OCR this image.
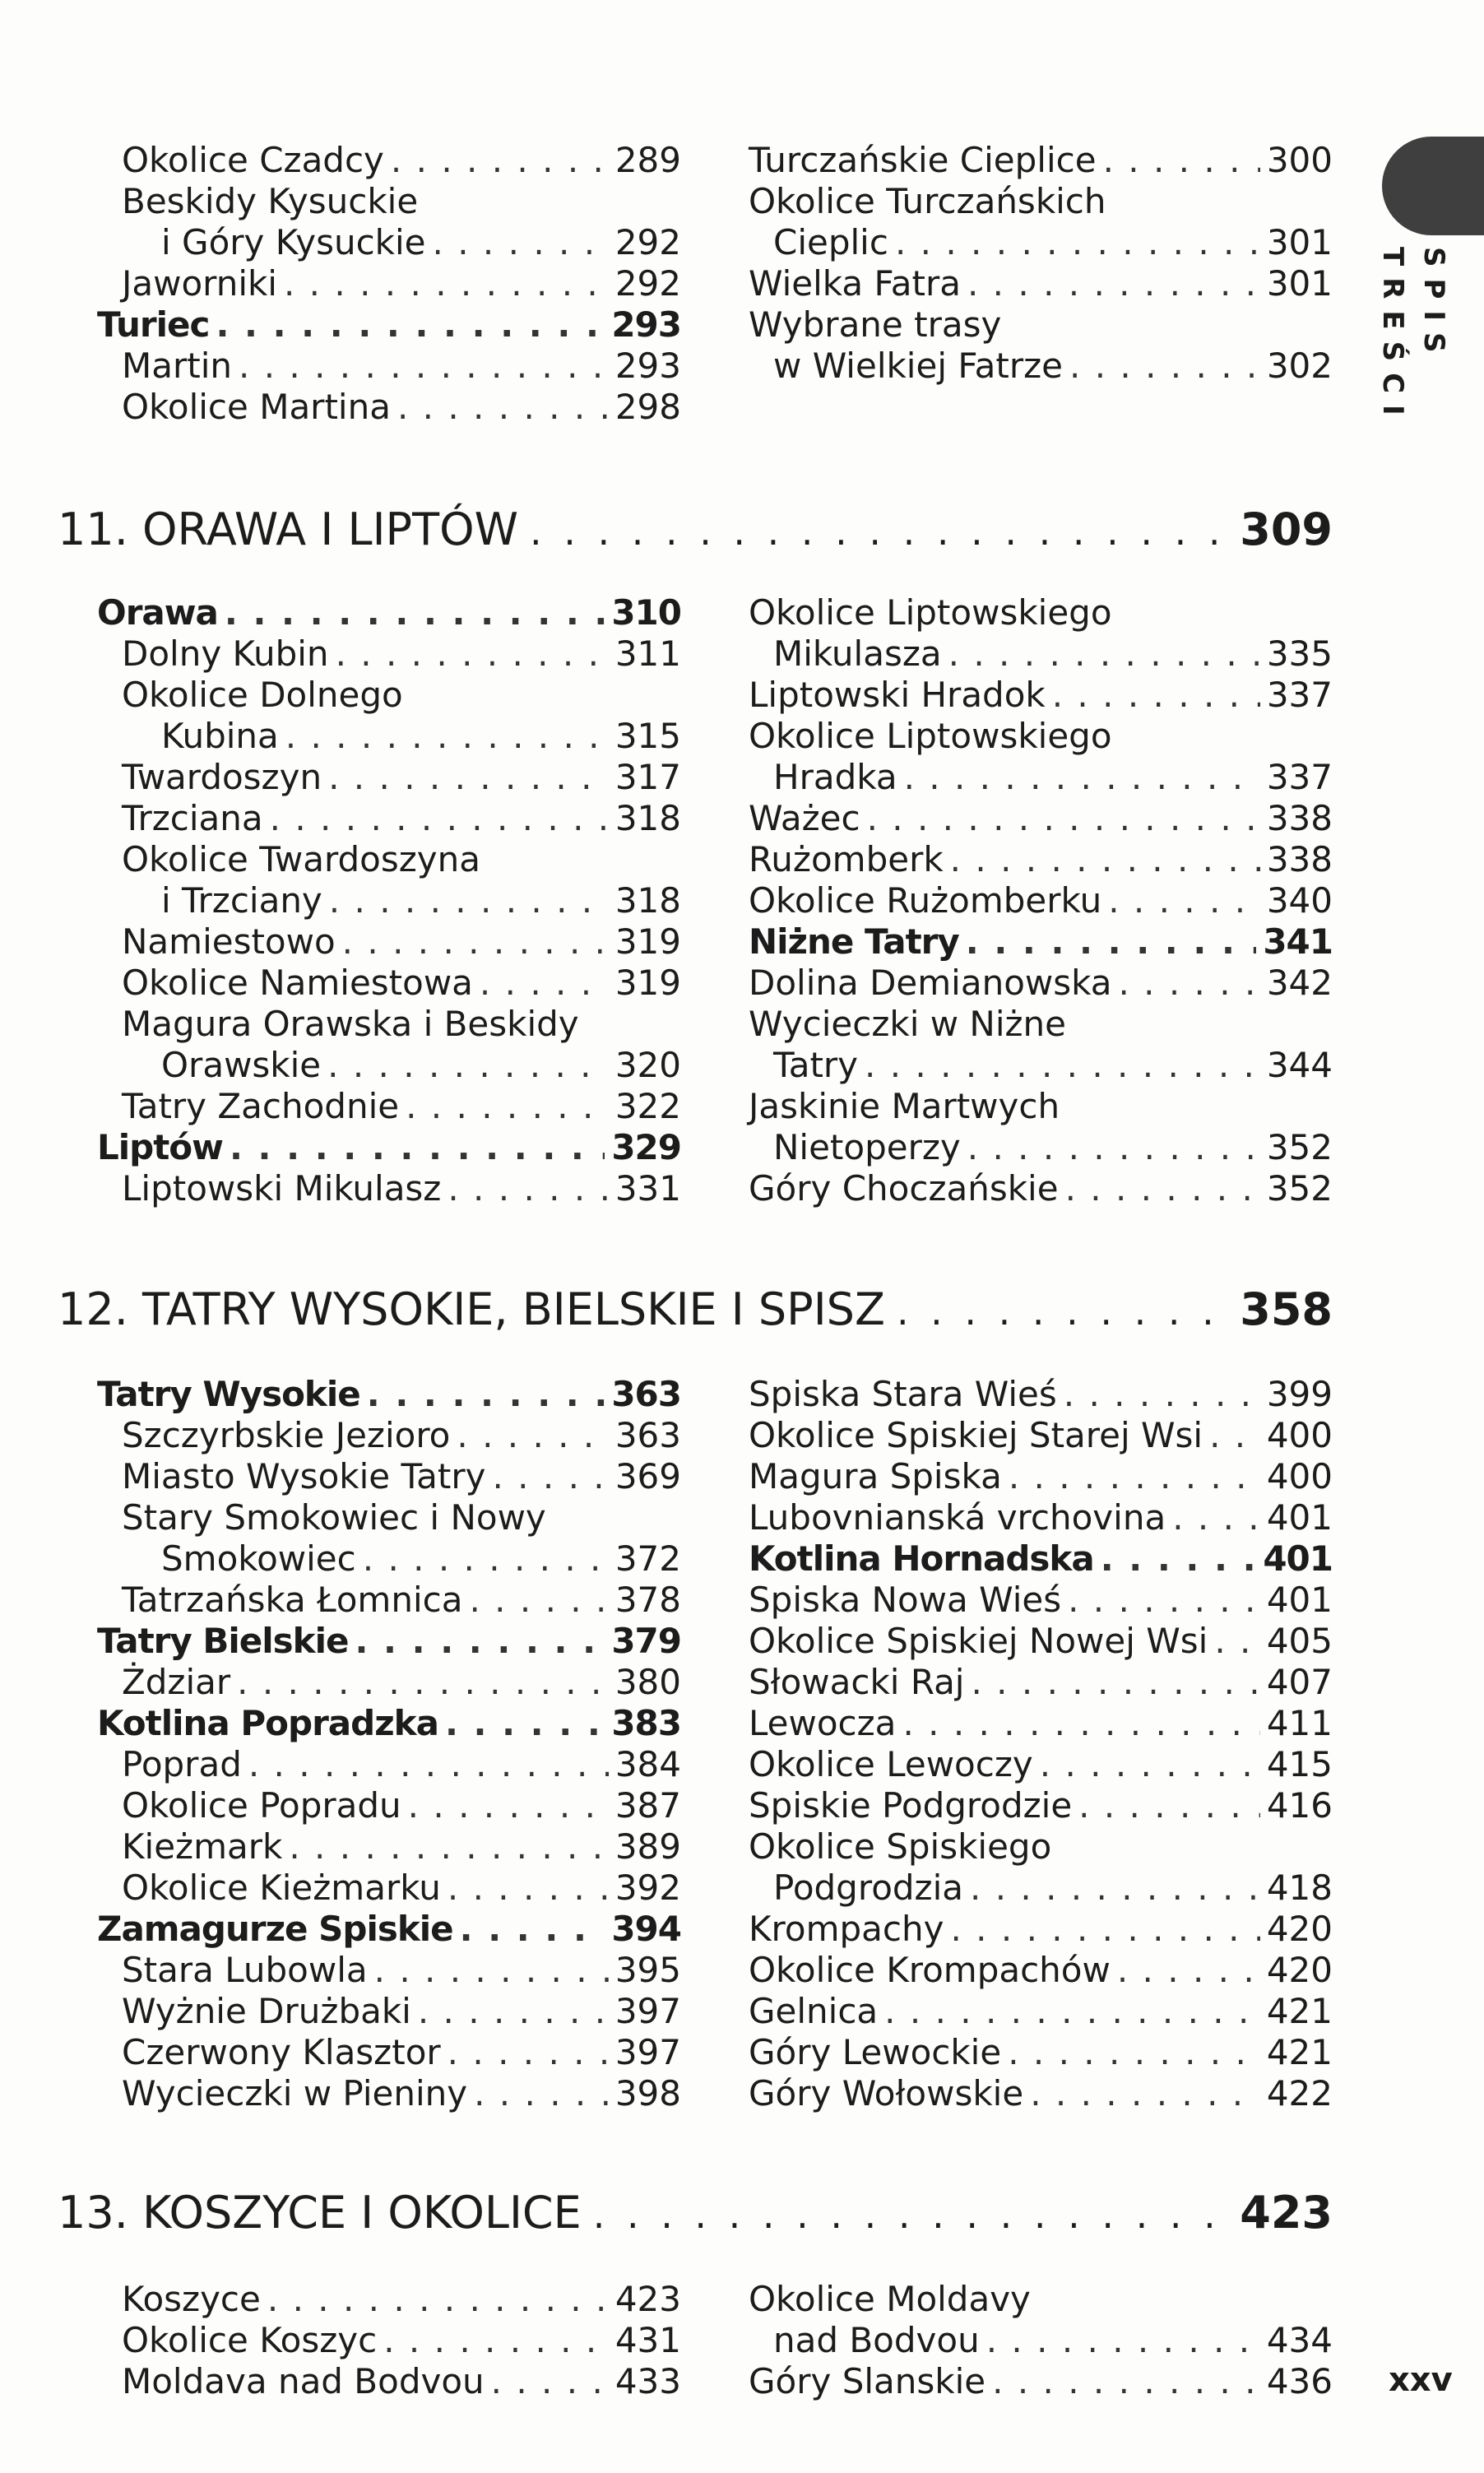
SPIS TREŚCI
Okolice Czadcy . . .	289
Beskidy Kysuckie
i Góry Kysuckie . . .	292
Jaworniki . . .	292
Turiec . . .	293
Martin . . .	293
Okolice Martina . . .	298
Turczańskie Cieplice . . .	300
Okolice Turczańskich
Cieplic . . .	301
Wielka Fatra . . .	301
Wybrane trasy
w Wielkiej Fatrze . . .	302
11. ORAWA I LIPTÓW . . .	309
Orawa . . .	310
Dolny Kubin . . .	311
Okolice Dolnego
Kubina . . .	315
Twardoszyn . . .	317
Trzciana . . .	318
Okolice Twardoszyna
i Trzciany . . .	318
Namiestowo . . .	319
Okolice Namiestowa . . .	319
Magura Orawska i Beskidy
Orawskie . . .	320
Tatry Zachodnie . . .	322
Liptów . . .	329
Liptowski Mikulasz . . .	331
Okolice Liptowskiego
Mikulasza . . .	335
Liptowski Hradok . . .	337
Okolice Liptowskiego
Hradka . . .	337
Ważec . . .	338
Rużomberk . . .	338
Okolice Rużomberku . . .	340
Niżne Tatry . . .	341
Dolina Demianowska . . .	342
Wycieczki w Niżne
Tatry . . .	344
Jaskinie Martwych
Nietoperzy . . .	352
Góry Choczańskie . . .	352
12. TATRY WYSOKIE, BIELSKIE I SPISZ . . .	358
Tatry Wysokie . . .	363
Szczyrbskie Jezioro . . .	363
Miasto Wysokie Tatry . . .	369
Stary Smokowiec i Nowy
Smokowiec . . .	372
Tatrzańska Łomnica . . .	378
Tatry Bielskie . . .	379
Żdziar . . .	380
Kotlina Popradzka . . .	383
Poprad . . .	384
Okolice Popradu . . .	387
Kieżmark . . .	389
Okolice Kieżmarku . . .	392
Zamagurze Spiskie . . .	394
Stara Lubowla . . .	395
Wyżnie Drużbaki . . .	397
Czerwony Klasztor . . .	397
Wycieczki w Pieniny . . .	398
Spiska Stara Wieś . . .	399
Okolice Spiskiej Starej Wsi . . . 400
Magura Spiska . . .	400
Lubovnianská vrchovina . . .	401
Kotlina Hornadska . . .	401
Spiska Nowa Wieś . . .	401
Okolice Spiskiej Nowej Wsi . . . 405
Słowacki Raj . . .	407
Lewocza . . .	411
Okolice Lewoczy . . .	415
Spiskie Podgrodzie . . .	416
Okolice Spiskiego
Podgrodzia . . .	418
Krompachy . . .	420
Okolice Krompachów . . .	420
Gelnica . . .	421
Góry Lewockie . . .	421
Góry Wołowskie . . .	422
13. KOSZYCE I OKOLICE . . .	423
Koszyce . . .	423
Okolice Koszyc . . .	431
Moldava nad Bodvou . . .	433
Okolice Moldavy
nad Bodvou . . .	434
Góry Slanskie . . .	436 xxv
